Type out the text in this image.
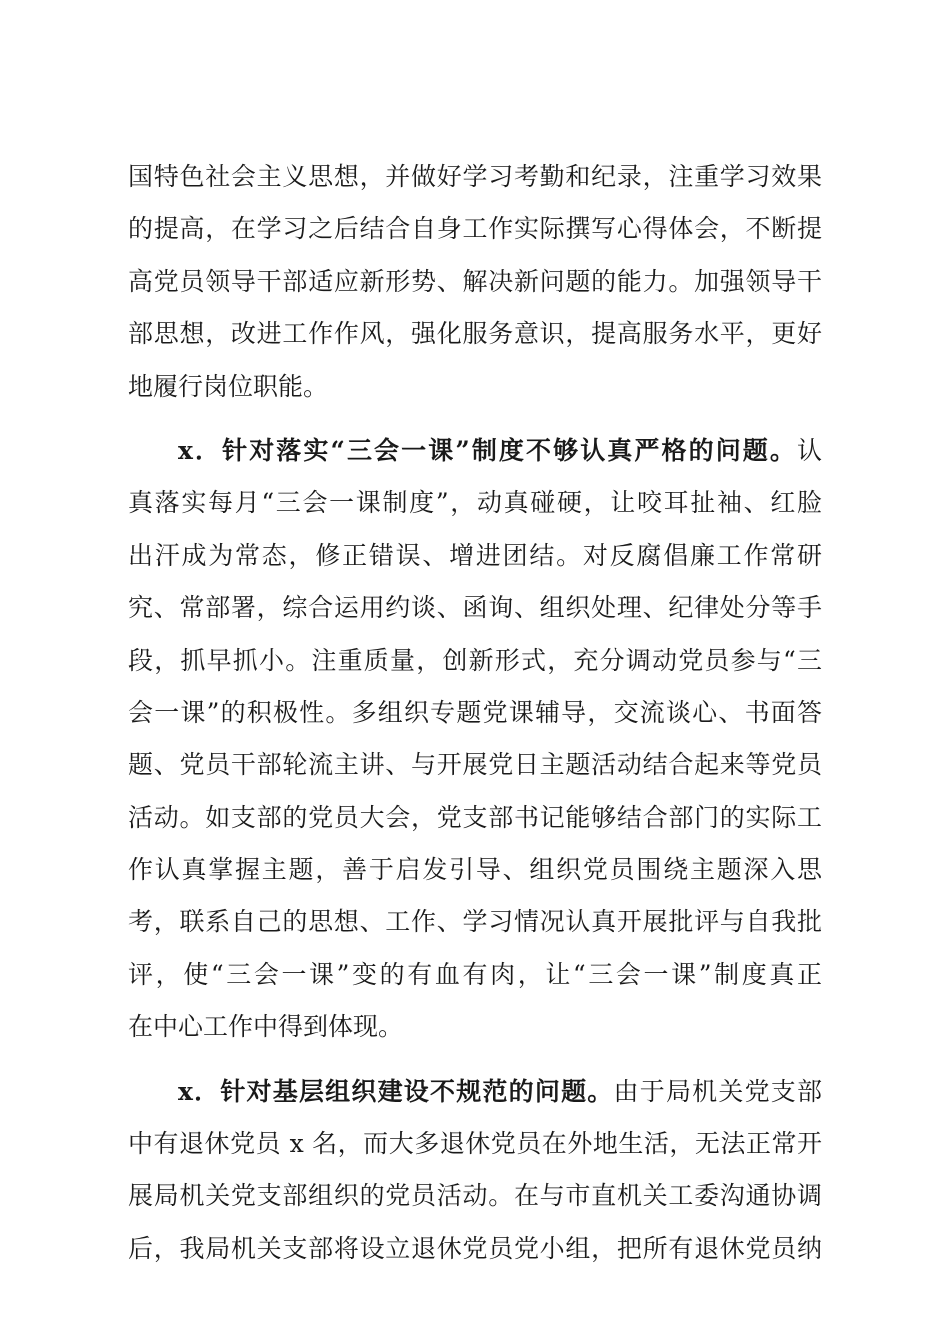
国特色社会主义思想，并做好学习考勤和纪录，注重学习效果
的提高，在学习之后结合自身工作实际撰写心得体会，不断提
高党员领导干部适应新形势、解决新问题的能力。加强领导干
部思想，改进工作作风，强化服务意识，提高服务水平，更好
地履行岗位职能。
x．针对落实“三会一课”制度不够认真严格的问题。认
真落实每月“三会一课制度”，动真碰硬，让咬耳扯袖、红脸
出汗成为常态，修正错误、增进团结。对反腐倡廉工作常研
究、常部署，综合运用约谈、函询、组织处理、纪律处分等手
段，抓早抓小。注重质量，创新形式，充分调动党员参与“三
会一课”的积极性。多组织专题党课辅导，交流谈心、书面答
题、党员干部轮流主讲、与开展党日主题活动结合起来等党员
活动。如支部的党员大会，党支部书记能够结合部门的实际工
作认真掌握主题，善于启发引导、组织党员围绕主题深入思
考，联系自己的思想、工作、学习情况认真开展批评与自我批
评，使“三会一课”变的有血有肉，让“三会一课”制度真正
在中心工作中得到体现。
x．针对基层组织建设不规范的问题。由于局机关党支部
中有退休党员 x 名，而大多退休党员在外地生活，无法正常开
展局机关党支部组织的党员活动。在与市直机关工委沟通协调
后，我局机关支部将设立退休党员党小组，把所有退休党员纳
